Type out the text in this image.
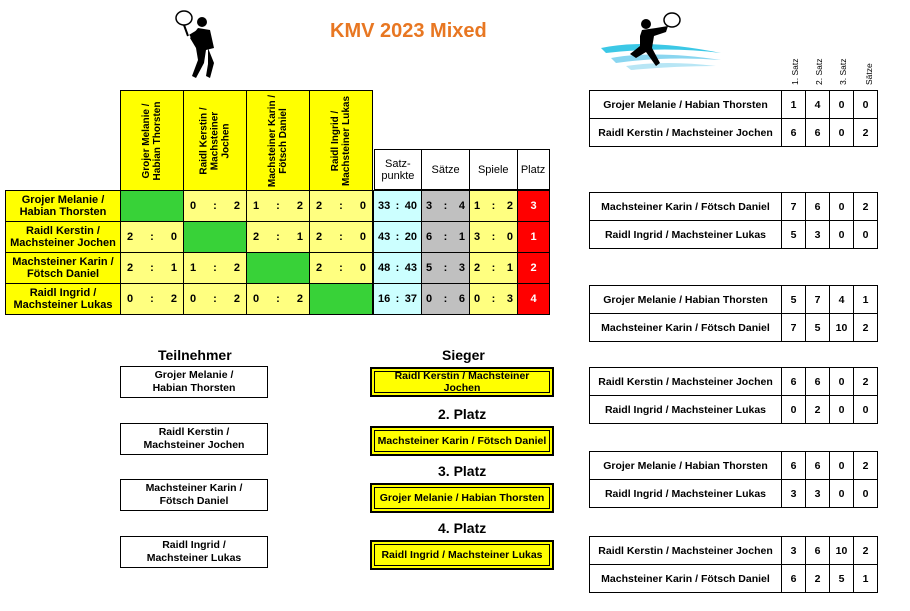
KMV 2023 Mixed

Grojer Melanie / Habian Thorsten	Raidl Kerstin / Machsteiner Jochen	Machsteiner Karin / Fötsch Daniel	Raidl Ingrid / Machsteiner Lukas
			Satz-punkte	Sätze	Spiele	Platz

Grojer Melanie / Habian Thorsten		0 : 2	1 : 2	2 : 0		33 : 40	3 : 4	1 : 2	3
Raidl Kerstin / Machsteiner Jochen	2 : 0		2 : 1	2 : 0		43 : 20	6 : 1	3 : 0	1
Machsteiner Karin / Fötsch Daniel	2 : 1	1 : 2		2 : 0		48 : 43	5 : 3	2 : 1	2
Raidl Ingrid / Machsteiner Lukas	0 : 2	0 : 2	0 : 2			16 : 37	0 : 6	0 : 3	4
Teilnehmer
Grojer Melanie /
Habian Thorsten
Raidl Kerstin /
Machsteiner Jochen
Machsteiner Karin /
Fötsch Daniel
Raidl Ingrid /
Machsteiner Lukas
Sieger
Raidl Kerstin / Machsteiner Jochen
2. Platz
Machsteiner Karin / Fötsch Daniel
3. Platz
Grojer Melanie / Habian Thorsten
4. Platz
Raidl Ingrid / Machsteiner Lukas
1. Satz 2. Satz 3. Satz Sätze
Grojer Melanie / Habian Thorsten	1	4	0	0
Raidl Kerstin / Machsteiner Jochen	6	6	0	2
Machsteiner Karin / Fötsch Daniel	7	6	0	2
Raidl Ingrid / Machsteiner Lukas	5	3	0	0
Grojer Melanie / Habian Thorsten	5	7	4	1
Machsteiner Karin / Fötsch Daniel	7	5	10	2
Raidl Kerstin / Machsteiner Jochen	6	6	0	2
Raidl Ingrid / Machsteiner Lukas	0	2	0	0
Grojer Melanie / Habian Thorsten	6	6	0	2
Raidl Ingrid / Machsteiner Lukas	3	3	0	0
Raidl Kerstin / Machsteiner Jochen	3	6	10	2
Machsteiner Karin / Fötsch Daniel	6	2	5	1
